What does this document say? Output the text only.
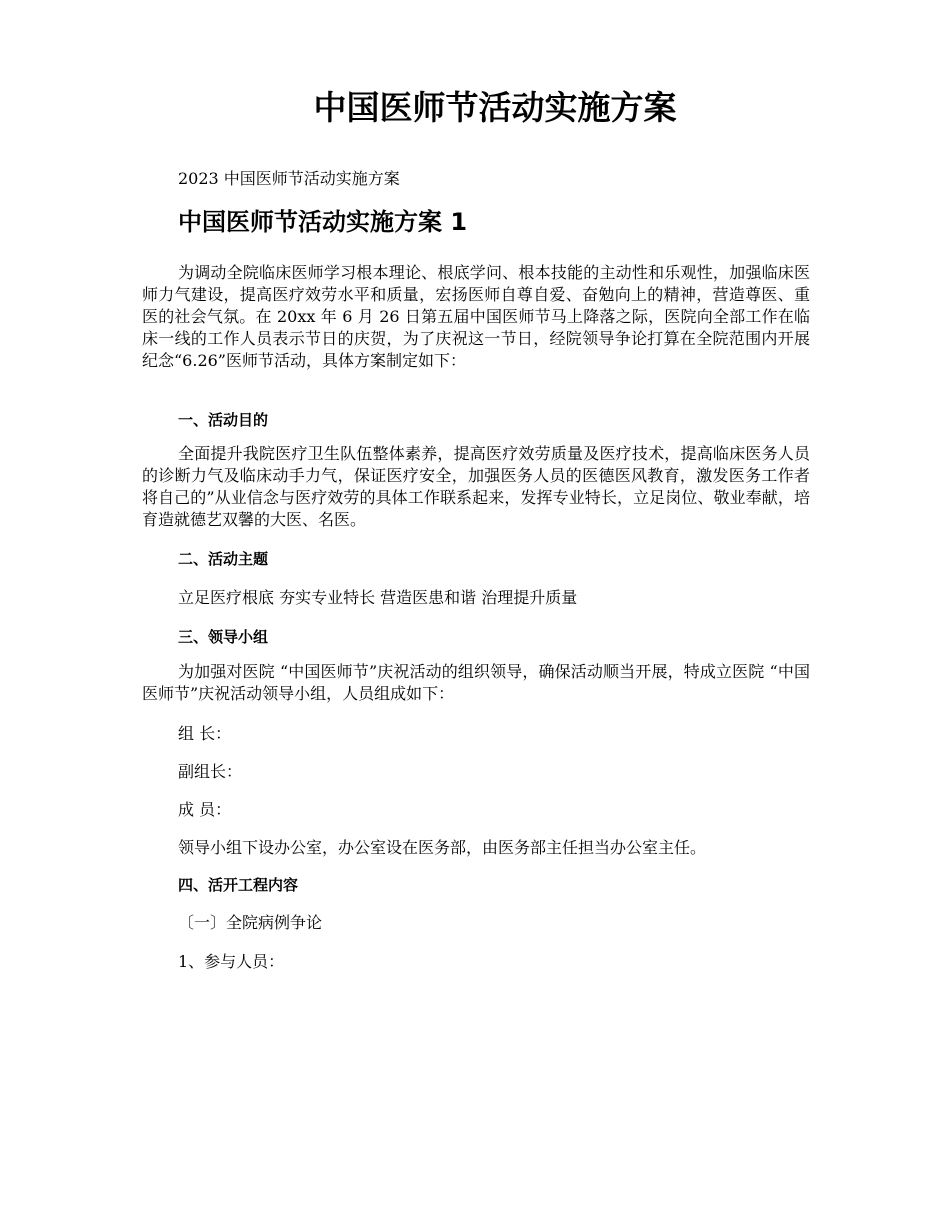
中国医师节活动实施方案

2023 中国医师节活动实施方案

中国医师节活动实施方案 1

为调动全院临床医师学习根本理论、根底学问、根本技能的主动性和乐观性，加强临床医师力气建设，提高医疗效劳水平和质量，宏扬医师自尊自爱、奋勉向上的精神，营造尊医、重医的社会气氛。在 20xx 年 6 月 26 日第五届中国医师节马上降落之际，医院向全部工作在临床一线的工作人员表示节日的庆贺，为了庆祝这一节日，经院领导争论打算在全院范围内开展纪念“6.26”医师节活动，具体方案制定如下：

一、活动目的

全面提升我院医疗卫生队伍整体素养，提高医疗效劳质量及医疗技术，提高临床医务人员的诊断力气及临床动手力气，保证医疗安全，加强医务人员的医德医风教育，激发医务工作者将自己的”从业信念与医疗效劳的具体工作联系起来，发挥专业特长，立足岗位、敬业奉献，培育造就德艺双馨的大医、名医。

二、活动主题

立足医疗根底 夯实专业特长 营造医患和谐 治理提升质量

三、领导小组

为加强对医院 “中国医师节”庆祝活动的组织领导，确保活动顺当开展，特成立医院 “中国医师节”庆祝活动领导小组，人员组成如下：

组 长：

副组长：

成 员：

领导小组下设办公室，办公室设在医务部，由医务部主任担当办公室主任。

四、活开工程内容

〔一〕全院病例争论

1、参与人员：
